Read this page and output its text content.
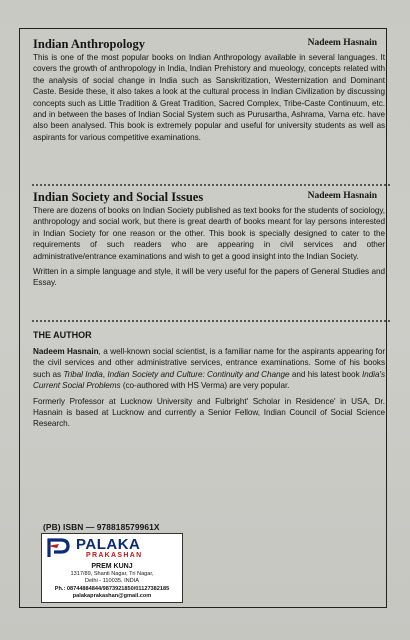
Indian Anthropology	Nadeem Hasnain

This is one of the most popular books on Indian Anthropology available in several languages. It covers the growth of anthropology in India, Indian Prehistory and mueology, concepts related with the analysis of social change in India such as Sanskritization, Westernization and Dominant Caste. Beside these, it also takes a look at the cultural process in Indian Civilization by discussing concepts such as Little Tradition & Great Tradition, Sacred Complex, Tribe-Caste Continuum, etc. and in between the bases of Indian Social System such as Purusartha, Ashrama, Varna etc. have also been analysed. This book is extremely popular and useful for university students as well as aspirants for various competitive examinations.

Indian Society and Social Issues	Nadeem Hasnain

There are dozens of books on Indian Society published as text books for the students of sociology, anthropology and social work, but there is great dearth of books meant for lay persons interested in Indian Society for one reason or the other. This book is specially designed to cater to the requirements of such readers who are appearing in civil services and other administrative/entrance examinations and wish to get a good insight into the Indian Society.

Written in a simple language and style, it will be very useful for the papers of General Studies and Essay.

THE AUTHOR

Nadeem Hasnain, a well-known social scientist, is a familiar name for the aspirants appearing for the civil services and other administrative services, entrance examinations. Some of his books such as Tribal India, Indian Society and Culture: Continuity and Change and his latest book India's Current Social Problems (co-authored with HS Verma) are very popular.

Formerly Professor at Lucknow University and Fulbright' Scholar in Residence' in USA, Dr. Hasnain is based at Lucknow and currently a Senior Fellow, Indian Council of Social Science Research.

(PB) ISBN — 978818579961X
PALAKA
PRAKASHAN
PREM KUNJ
1317/89, Shanti Nagar, Tri Nagar,
Delhi - 110035. INDIA
Ph.: 08744884844/9873921850/01127382185
palakaprakashan@gmail.com
